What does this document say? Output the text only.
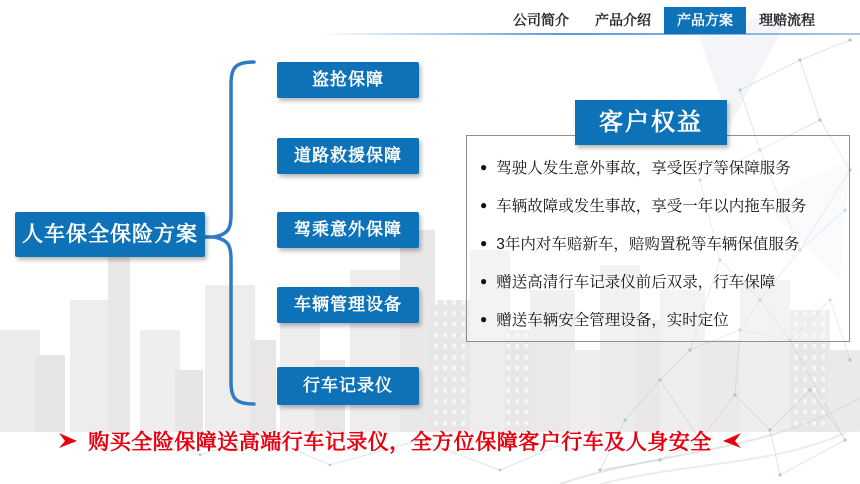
公司简介	产品介绍	产品方案	理赔流程
人车保全保险方案
盗抢保障
道路救援保障
驾乘意外保障
车辆管理设备
行车记录仪
客户权益
● 驾驶人发生意外事故，享受医疗等保障服务
● 车辆故障或发生事故，享受一年以内拖车服务
● 3年内对车赔新车，赔购置税等车辆保值服务
● 赠送高清行车记录仪前后双录，行车保障
● 赠送车辆安全管理设备，实时定位
购买全险保障送高端行车记录仪，全方位保障客户行车及人身安全
